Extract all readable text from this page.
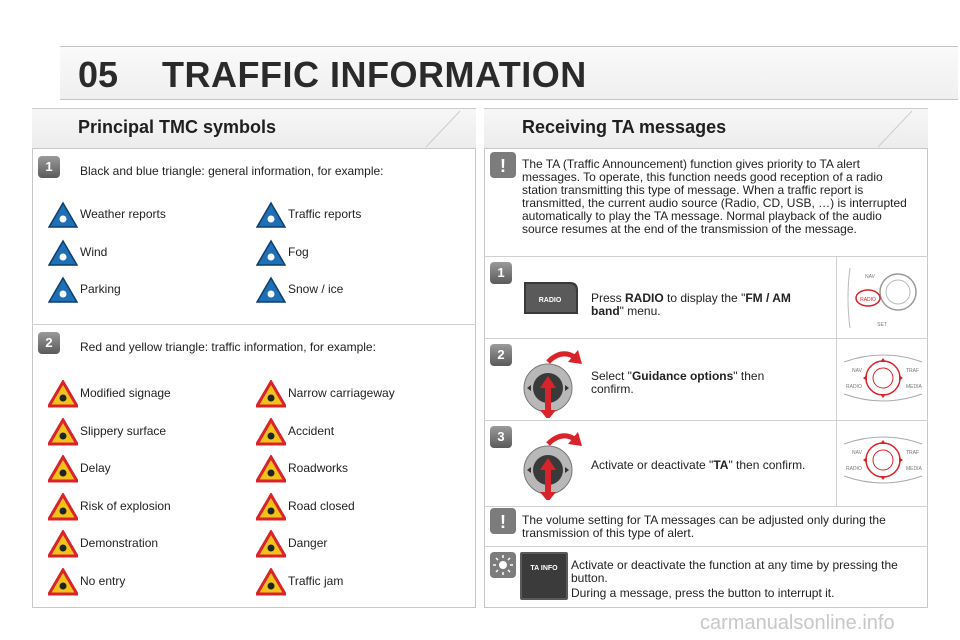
05 TRAFFIC INFORMATION
Principal TMC symbols	Receiving TA messages
1	Black and blue triangle: general information, for example:
Weather reports	Traffic reports
Wind	Fog
Parking	Snow / ice
2	Red and yellow triangle: traffic information, for example:
Modified signage	Narrow carriageway
Slippery surface	Accident
Delay	Roadworks
Risk of explosion	Road closed
Demonstration	Danger
No entry	Traffic jam
! The TA (Traffic Announcement) function gives priority to TA alert messages. To operate, this function needs good reception of a radio station transmitting this type of message. When a traffic report is transmitted, the current audio source (Radio, CD, USB, …) is interrupted automatically to play the TA message. Normal playback of the audio source resumes at the end of the transmission of the message.
1
RADIO Press RADIO to display the "FM / AM band" menu.
RADIO
NAV
SET
2
Select "Guidance options" then confirm.
NAV	TRAF
RADIO	MEDIA
3
Activate or deactivate "TA" then confirm.
NAV	TRAF
RADIO	MEDIA
! The volume setting for TA messages can be adjusted only during the transmission of this type of alert.
TA INFO Activate or deactivate the function at any time by pressing the button.
During a message, press the button to interrupt it.
carmanualsonline.info
